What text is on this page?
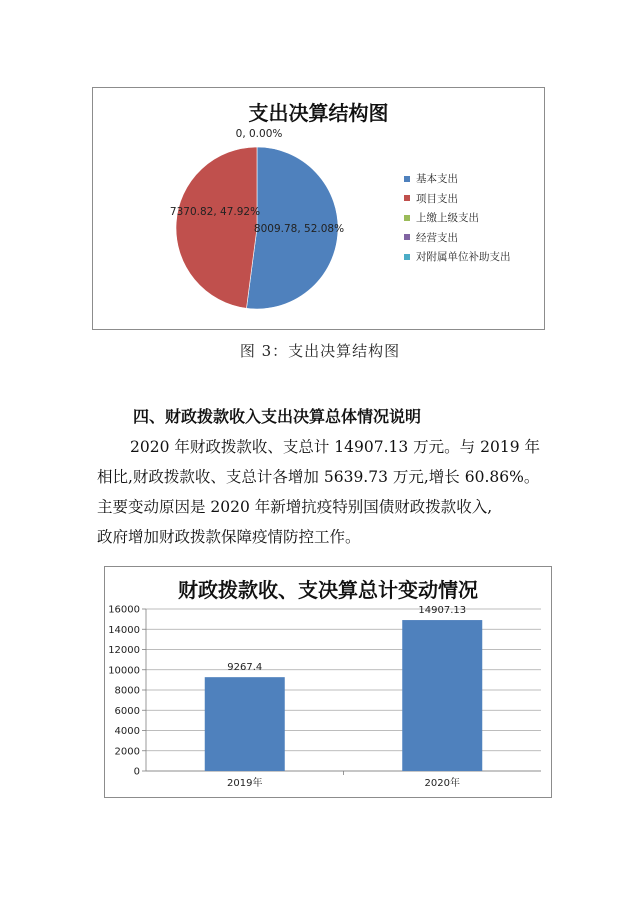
支出决算结构图
0, 0.00%
8009.78, 52.08%
7370.82, 47.92%
基本支出
项目支出
上缴上级支出
经营支出
对附属单位补助支出
图 3：支出决算结构图
四、财政拨款收入支出决算总体情况说明
2020 年财政拨款收、支总计 14907.13 万元。与 2019 年
相比,财政拨款收、支总计各增加 5639.73 万元,增长 60.86%。
主要变动原因是 2020 年新增抗疫特别国债财政拨款收入,
政府增加财政拨款保障疫情防控工作。
财政拨款收、支决算总计变动情况
0
2000
4000
6000
8000
10000
12000
14000
16000
9267.4
2019年
14907.13
2020年
